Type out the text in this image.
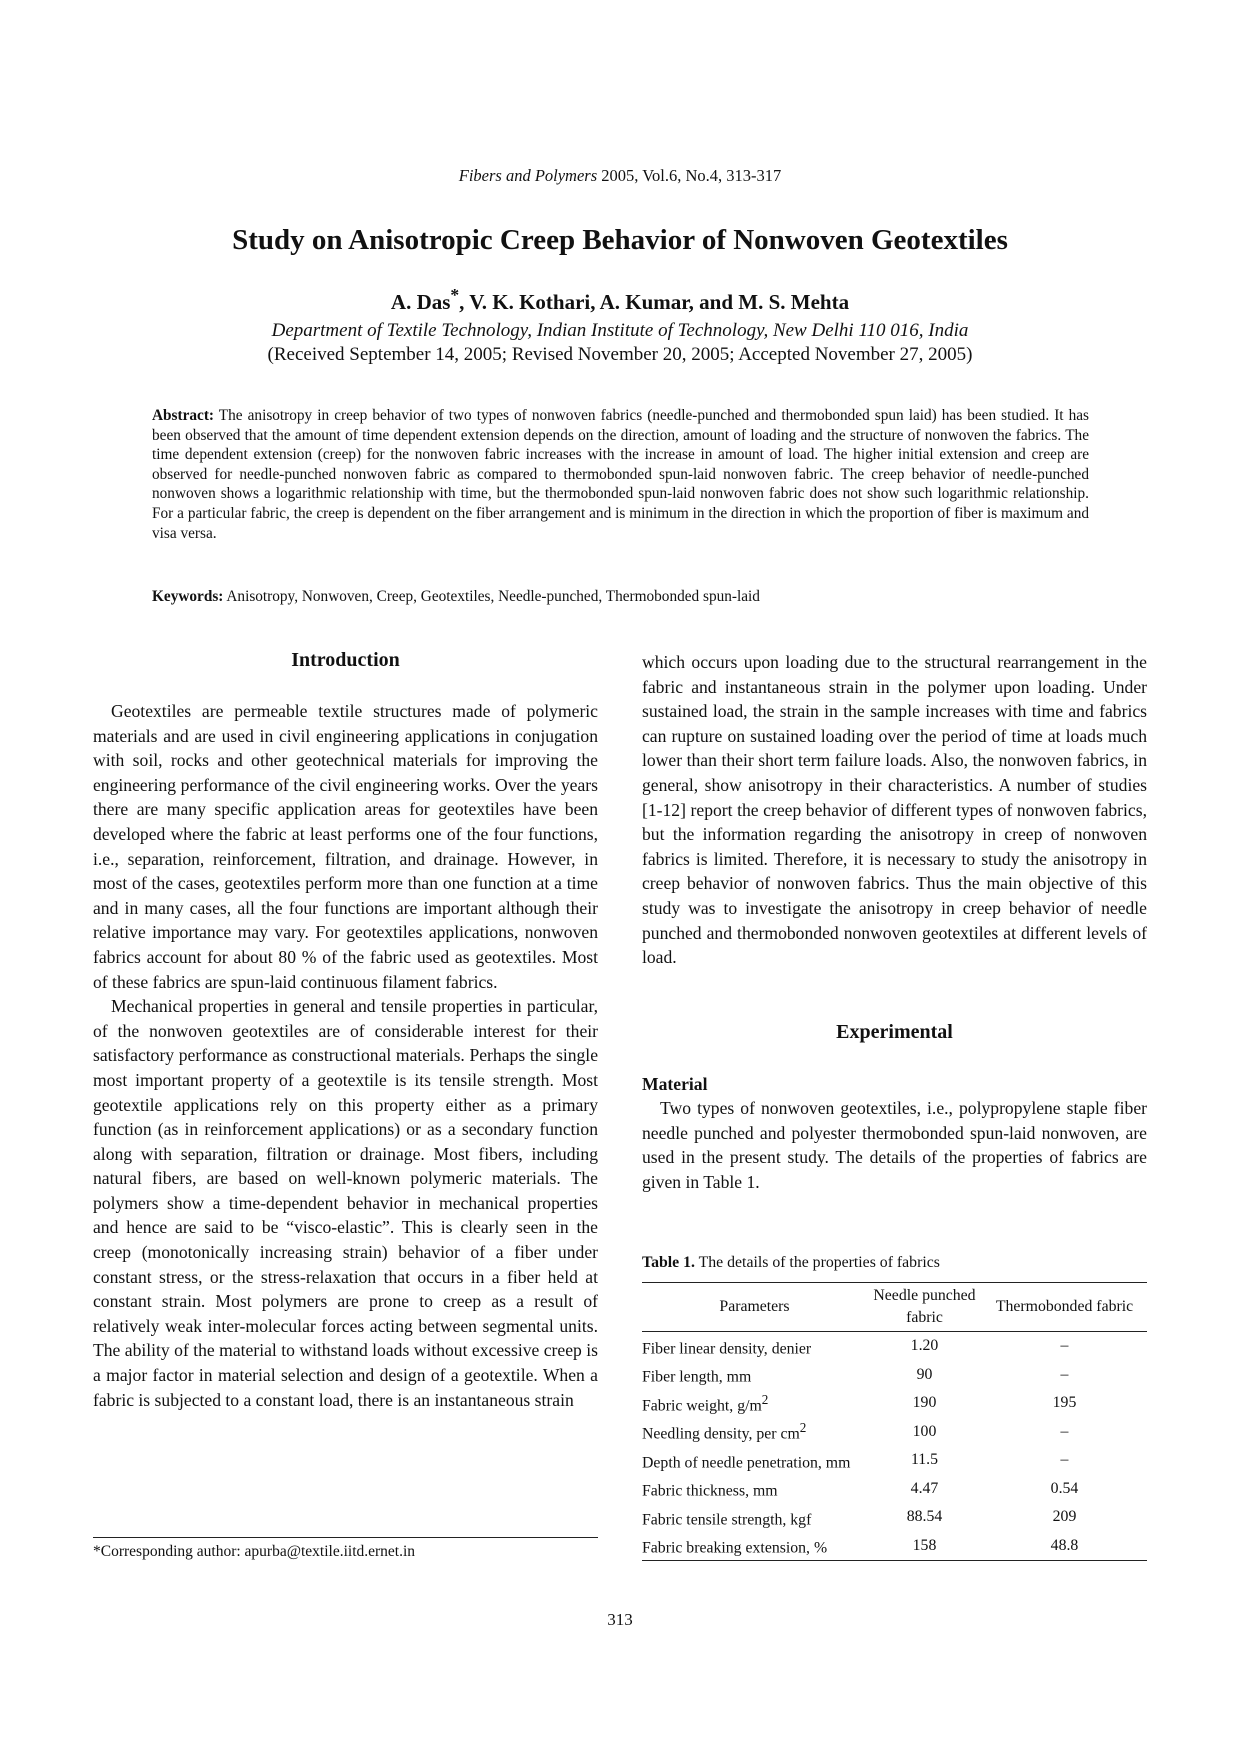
Fibers and Polymers 2005, Vol.6, No.4, 313-317
Study on Anisotropic Creep Behavior of Nonwoven Geotextiles
A. Das*, V. K. Kothari, A. Kumar, and M. S. Mehta
Department of Textile Technology, Indian Institute of Technology, New Delhi 110 016, India
(Received September 14, 2005; Revised November 20, 2005; Accepted November 27, 2005)
Abstract: The anisotropy in creep behavior of two types of nonwoven fabrics (needle-punched and thermobonded spun laid) has been studied. It has been observed that the amount of time dependent extension depends on the direction, amount of loading and the structure of nonwoven the fabrics. The time dependent extension (creep) for the nonwoven fabric increases with the increase in amount of load. The higher initial extension and creep are observed for needle-punched nonwoven fabric as compared to thermobonded spun-laid nonwoven fabric. The creep behavior of needle-punched nonwoven shows a logarithmic relationship with time, but the thermobonded spun-laid nonwoven fabric does not show such logarithmic relationship. For a particular fabric, the creep is dependent on the fiber arrangement and is minimum in the direction in which the proportion of fiber is maximum and visa versa.
Keywords: Anisotropy, Nonwoven, Creep, Geotextiles, Needle-punched, Thermobonded spun-laid
Introduction

Geotextiles are permeable textile structures made of polymeric materials and are used in civil engineering applications in conjugation with soil, rocks and other geotechnical materials for improving the engineering performance of the civil engineering works. Over the years there are many specific application areas for geotextiles have been developed where the fabric at least performs one of the four functions, i.e., separation, reinforcement, filtration, and drainage. However, in most of the cases, geotextiles perform more than one function at a time and in many cases, all the four functions are important although their relative importance may vary. For geotextiles applications, nonwoven fabrics account for about 80 % of the fabric used as geotextiles. Most of these fabrics are spun-laid continuous filament fabrics.

Mechanical properties in general and tensile properties in particular, of the nonwoven geotextiles are of considerable interest for their satisfactory performance as constructional materials. Perhaps the single most important property of a geotextile is its tensile strength. Most geotextile applications rely on this property either as a primary function (as in reinforcement applications) or as a secondary function along with separation, filtration or drainage. Most fibers, including natural fibers, are based on well-known polymeric materials. The polymers show a time-dependent behavior in mechanical properties and hence are said to be “visco-elastic”. This is clearly seen in the creep (monotonically increasing strain) behavior of a fiber under constant stress, or the stress-relaxation that occurs in a fiber held at constant strain. Most polymers are prone to creep as a result of relatively weak inter-molecular forces acting between segmental units. The ability of the material to withstand loads without excessive creep is a major factor in material selection and design of a geotextile. When a fabric is subjected to a constant load, there is an instantaneous strain

which occurs upon loading due to the structural rearrangement in the fabric and instantaneous strain in the polymer upon loading. Under sustained load, the strain in the sample increases with time and fabrics can rupture on sustained loading over the period of time at loads much lower than their short term failure loads. Also, the nonwoven fabrics, in general, show anisotropy in their characteristics. A number of studies [1-12] report the creep behavior of different types of nonwoven fabrics, but the information regarding the anisotropy in creep of nonwoven fabrics is limited. Therefore, it is necessary to study the anisotropy in creep behavior of nonwoven fabrics. Thus the main objective of this study was to investigate the anisotropy in creep behavior of needle punched and thermobonded nonwoven geotextiles at different levels of load.

Experimental
Material

Two types of nonwoven geotextiles, i.e., polypropylene staple fiber needle punched and polyester thermobonded spun-laid nonwoven, are used in the present study. The details of the properties of fabrics are given in Table 1.

Table 1. The details of the properties of fabrics
Parameters	Needle punched fabric	Thermobonded fabric
Fiber linear density, denier	1.20	–
Fiber length, mm	90	–
Fabric weight, $g/m^2$	190	195
Needling density, per $cm^2$	100	–
Depth of needle penetration, mm	11.5	–
Fabric thickness, mm	4.47	0.54
Fabric tensile strength, kgf	88.54	209
Fabric breaking extension, %	158	48.8
*Corresponding author: apurba@textile.iitd.ernet.in
313
